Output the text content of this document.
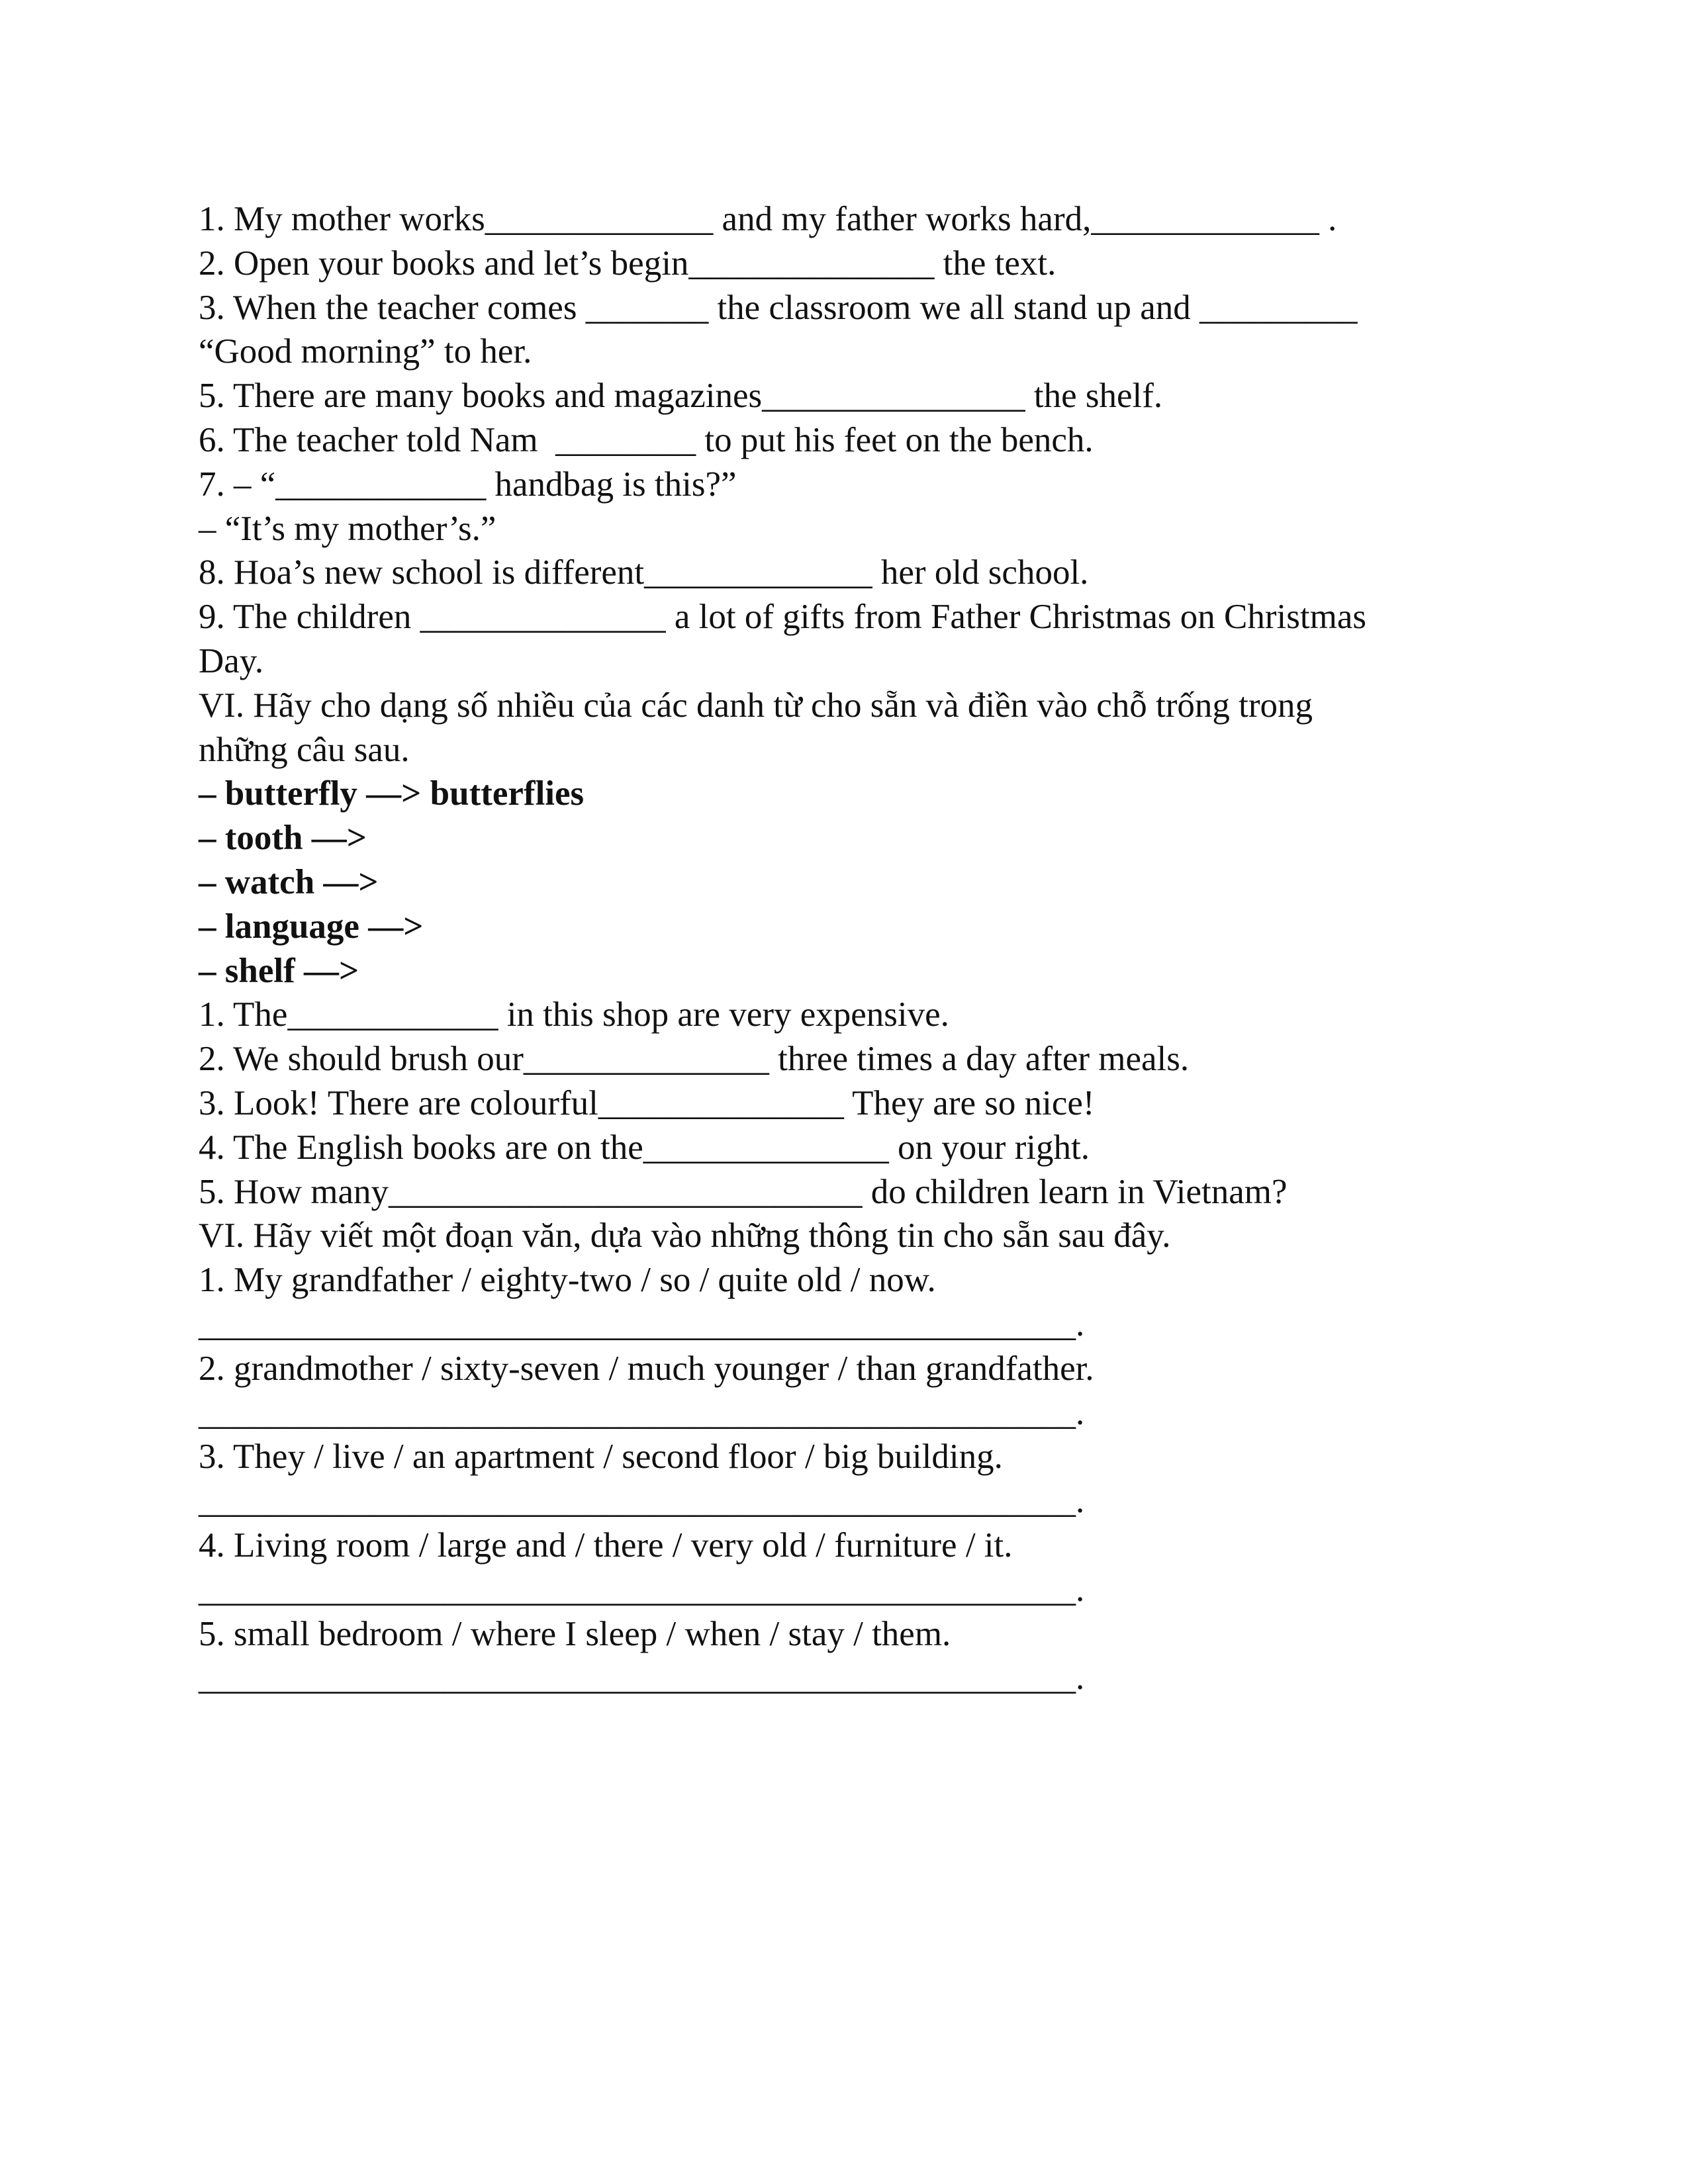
1. My mother works_____________ and my father works hard,_____________ .
2. Open your books and let’s begin______________ the text.
3. When the teacher comes _______ the classroom we all stand up and _________
“Good morning” to her.
5. There are many books and magazines_______________ the shelf.
6. The teacher told Nam  ________ to put his feet on the bench.
7. – “____________ handbag is this?”
– “It’s my mother’s.”
8. Hoa’s new school is different_____________ her old school.
9. The children ______________ a lot of gifts from Father Christmas on Christmas
Day.
VI. Hãy cho dạng số nhiều của các danh từ cho sẵn và điền vào chỗ trống trong
những câu sau.
– butterfly —> butterflies
– tooth —>
– watch —>
– language —>
– shelf —>
1. The____________ in this shop are very expensive.
2. We should brush our______________ three times a day after meals.
3. Look! There are colourful______________ They are so nice!
4. The English books are on the______________ on your right.
5. How many___________________________ do children learn in Vietnam?
VI. Hãy viết một đoạn văn, dựa vào những thông tin cho sẵn sau đây.
1. My grandfather / eighty-two / so / quite old / now.
__________________________________________________.
2. grandmother / sixty-seven / much younger / than grandfather.
__________________________________________________.
3. They / live / an apartment / second floor / big building.
__________________________________________________.
4. Living room / large and / there / very old / furniture / it.
__________________________________________________.
5. small bedroom / where I sleep / when / stay / them.
__________________________________________________.
